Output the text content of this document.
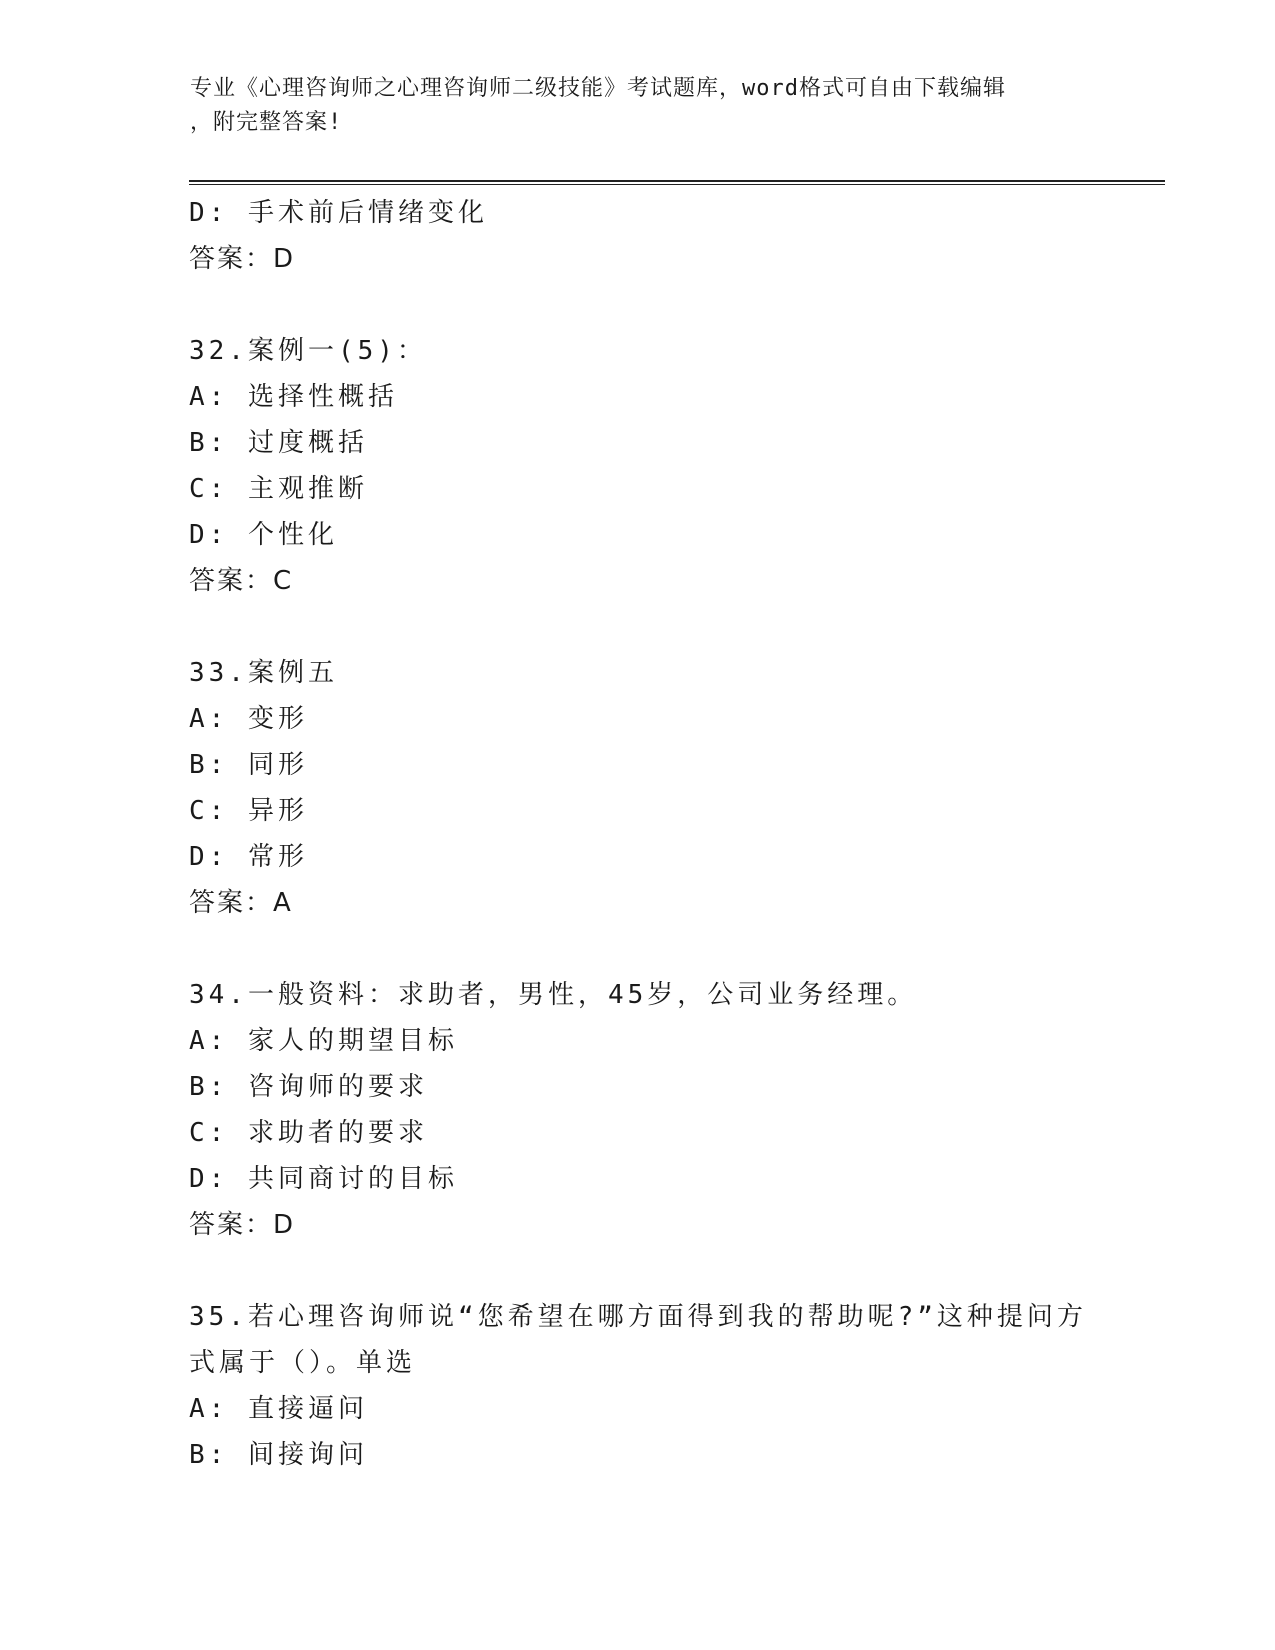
专业《心理咨询师之心理咨询师二级技能》考试题库，word格式可自由下载编辑
，附完整答案!
D: 手术前后情绪变化
答案：D
32.案例一(5)：
A: 选择性概括
B: 过度概括
C: 主观推断
D: 个性化
答案：C
33.案例五
A: 变形
B: 同形
C: 异形
D: 常形
答案：A
34.一般资料：求助者，男性，45岁，公司业务经理。
A: 家人的期望目标
B: 咨询师的要求
C: 求助者的要求
D: 共同商讨的目标
答案：D
35.若心理咨询师说“您希望在哪方面得到我的帮助呢?”这种提问方
式属于（）。单选
A: 直接逼问
B: 间接询问
